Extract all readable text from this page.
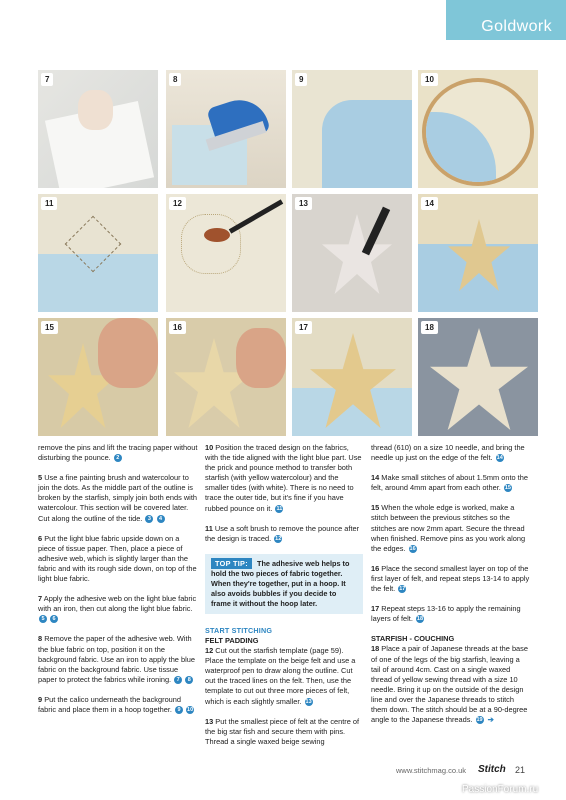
Goldwork
7	8	9	10
11	12	13	14
15	16	17	18
remove the pins and lift the tracing paper without disturbing the pounce. 2
5 Use a fine painting brush and watercolour to join the dots. As the middle part of the outline is broken by the starfish, simply join both ends with watercolour. This section will be covered later. Cut along the outline of the tide. 3 4
6 Put the light blue fabric upside down on a piece of tissue paper. Then, place a piece of adhesive web, which is slightly larger than the fabric and with its rough side down, on top of the light blue fabric.
7 Apply the adhesive web on the light blue fabric with an iron, then cut along the light blue fabric. 5 6
8 Remove the paper of the adhesive web. With the blue fabric on top, position it on the background fabric. Use an iron to apply the blue fabric on the background fabric. Use tissue paper to protect the fabrics while ironing. 7 8
9 Put the calico underneath the background fabric and place them in a hoop together. 9 10
10 Position the traced design on the fabrics, with the tide aligned with the light blue part. Use the prick and pounce method to transfer both starfish (with yellow watercolour) and the smaller tides (with white). There is no need to trace the outer tide, but it's fine if you have rubbed pounce on it. 11
11 Use a soft brush to remove the pounce after the design is traced. 12
TOP TIP: The adhesive web helps to hold the two pieces of fabric together. When they're together, put in a hoop. It also avoids bubbles if you decide to frame it without the hoop later.
START STITCHING
FELT PADDING
12 Cut out the starfish template (page 59). Place the template on the beige felt and use a waterproof pen to draw along the outline. Cut out the traced lines on the felt. Then, use the template to cut out three more pieces of felt, which is each slightly smaller. 13
13 Put the smallest piece of felt at the centre of the big star fish and secure them with pins. Thread a single waxed beige sewing
thread (610) on a size 10 needle, and bring the needle up just on the edge of the felt. 14
14 Make small stitches of about 1.5mm onto the felt, around 4mm apart from each other. 15
15 When the whole edge is worked, make a stitch between the previous stitches so the stitches are now 2mm apart. Secure the thread when finished. Remove pins as you work along the edges. 16
16 Place the second smallest layer on top of the first layer of felt, and repeat steps 13-14 to apply the felt. 17
17 Repeat steps 13-16 to apply the remaining layers of felt. 18
STARFISH - COUCHING
18 Place a pair of Japanese threads at the base of one of the legs of the big starfish, leaving a tail of around 4cm. Cast on a single waxed thread of yellow sewing thread with a size 10 needle. Bring it up on the outside of the design line and over the Japanese threads to stitch them down. The stitch should be at a 90-degree angle to the Japanese threads. 19 ➔
www.stitchmag.co.uk Stitch 21
PassionForum.ru
